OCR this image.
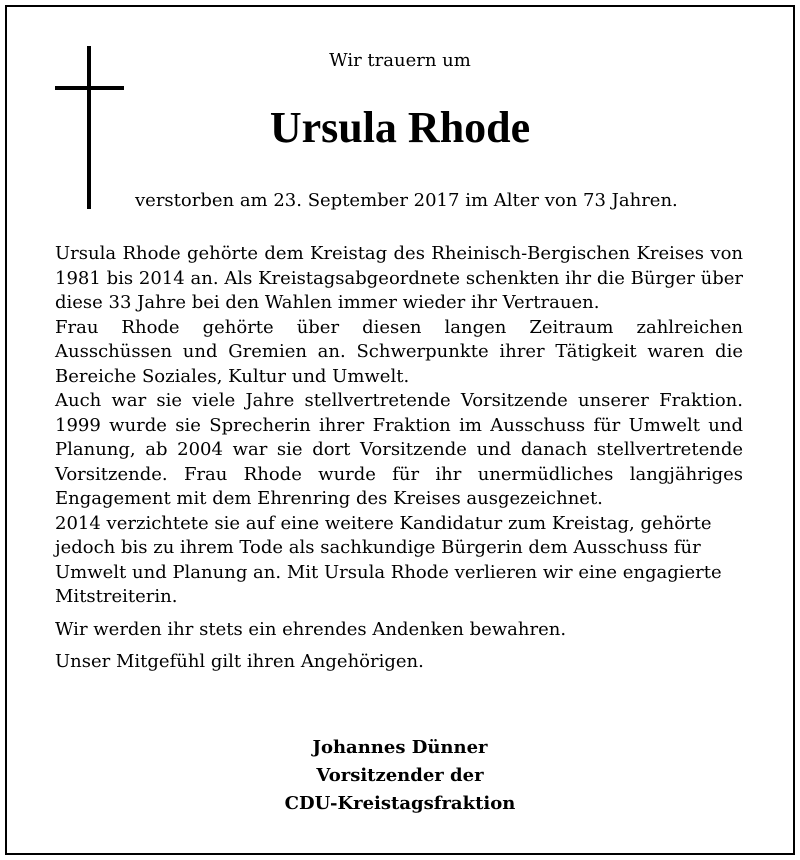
Wir trauern um
Ursula Rhode
verstorben am 23. September 2017 im Alter von 73 Jahren.

Ursula Rhode gehörte dem Kreistag des Rheinisch-Bergischen Kreises von 1981 bis 2014 an. Als Kreistagsabgeordnete schenkten ihr die Bürger über diese 33 Jahre bei den Wahlen immer wieder ihr Vertrauen.

Frau Rhode gehörte über diesen langen Zeitraum zahlreichen Ausschüssen und Gremien an. Schwerpunkte ihrer Tätigkeit waren die Bereiche Soziales, Kultur und Umwelt.

Auch war sie viele Jahre stellvertretende Vorsitzende unserer Fraktion. 1999 wurde sie Sprecherin ihrer Fraktion im Ausschuss für Umwelt und Planung, ab 2004 war sie dort Vorsitzende und danach stellvertretende Vorsitzende. Frau Rhode wurde für ihr unermüdliches langjähriges Engagement mit dem Ehrenring des Kreises ausgezeichnet.

2014 verzichtete sie auf eine weitere Kandidatur zum Kreistag, gehörte jedoch bis zu ihrem Tode als sachkundige Bürgerin dem Ausschuss für Umwelt und Planung an. Mit Ursula Rhode verlieren wir eine engagierte Mitstreiterin.

Wir werden ihr stets ein ehrendes Andenken bewahren.

Unser Mitgefühl gilt ihren Angehörigen.

Johannes Dünner
Vorsitzender der
CDU-Kreistagsfraktion
